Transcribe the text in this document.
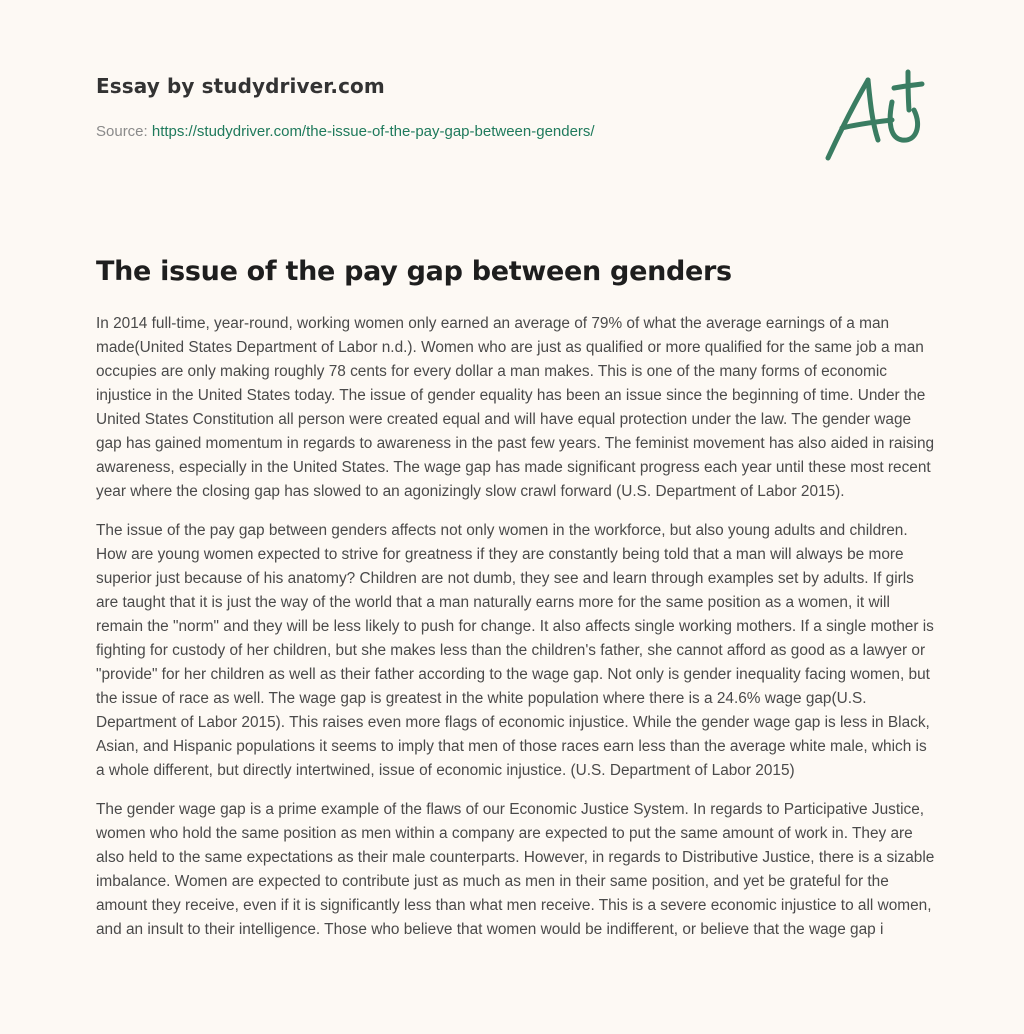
Essay by studydriver.com
Source: https://studydriver.com/the-issue-of-the-pay-gap-between-genders/
The issue of the pay gap between genders

In 2014 full-time, year-round, working women only earned an average of 79% of what the average earnings of a man made(United States Department of Labor n.d.). Women who are just as qualified or more qualified for the same job a man occupies are only making roughly 78 cents for every dollar a man makes. This is one of the many forms of economic injustice in the United States today. The issue of gender equality has been an issue since the beginning of time. Under the United States Constitution all person were created equal and will have equal protection under the law. The gender wage gap has gained momentum in regards to awareness in the past few years. The feminist movement has also aided in raising awareness, especially in the United States. The wage gap has made significant progress each year until these most recent year where the closing gap has slowed to an agonizingly slow crawl forward (U.S. Department of Labor 2015).

The issue of the pay gap between genders affects not only women in the workforce, but also young adults and children. How are young women expected to strive for greatness if they are constantly being told that a man will always be more superior just because of his anatomy? Children are not dumb, they see and learn through examples set by adults. If girls are taught that it is just the way of the world that a man naturally earns more for the same position as a women, it will remain the "norm" and they will be less likely to push for change. It also affects single working mothers. If a single mother is fighting for custody of her children, but she makes less than the children's father, she cannot afford as good as a lawyer or "provide" for her children as well as their father according to the wage gap. Not only is gender inequality facing women, but the issue of race as well. The wage gap is greatest in the white population where there is a 24.6% wage gap(U.S. Department of Labor 2015). This raises even more flags of economic injustice. While the gender wage gap is less in Black, Asian, and Hispanic populations it seems to imply that men of those races earn less than the average white male, which is a whole different, but directly intertwined, issue of economic injustice. (U.S. Department of Labor 2015)

The gender wage gap is a prime example of the flaws of our Economic Justice System. In regards to Participative Justice, women who hold the same position as men within a company are expected to put the same amount of work in. They are also held to the same expectations as their male counterparts. However, in regards to Distributive Justice, there is a sizable imbalance. Women are expected to contribute just as much as men in their same position, and yet be grateful for the amount they receive, even if it is significantly less than what men receive. This is a severe economic injustice to all women, and an insult to their intelligence. Those who believe that women would be indifferent, or believe that the wage gap i
